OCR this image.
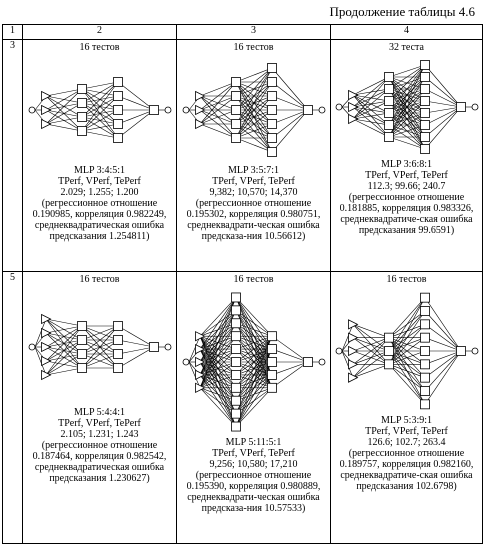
Продолжение таблицы 4.6
1	2	3	4
3	16 тестов
MLP 3:4:5:1
TPerf, VPerf, TePerf
2.029; 1.255; 1.200
(регрессионное отношение 0.190985, корреляция 0.982249, среднеквадратическая ошибка предсказания 1.254811)	16 тестов
MLP 3:5:7:1
TPerf, VPerf, TePerf
9,382; 10,570; 14,370
(регрессионное отношение 0.195302, корреляция 0.980751, среднеквадрати-ческая ошибка предсказа-ния 10.56612)	32 теста
MLP 3:6:8:1
TPerf, VPerf, TePerf
112.3; 99.66; 240.7
(регрессионное отношение 0.181885, корреляция 0.983326, среднеквадратиче-ская ошибка предсказания 99.6591)

5	16 тестов
MLP 5:4:4:1
TPerf, VPerf, TePerf
2.105; 1.231; 1.243
(регрессионное отношение 0.187464, корреляция 0.982542, среднеквадратическая ошибка предсказания 1.230627)	16 тестов
MLP 5:11:5:1
TPerf, VPerf, TePerf
9,256; 10,580; 17,210
(регрессионное отношение 0.195390, корреляция 0.980889, среднеквадрати-ческая ошибка предсказа-ния 10.57533)	16 тестов
MLP 5:3:9:1
TPerf, VPerf, TePerf
126.6; 102.7; 263.4
(регрессионное отношение 0.189757, корреляция 0.982160, среднеквадратиче-ская ошибка предсказания 102.6798)
